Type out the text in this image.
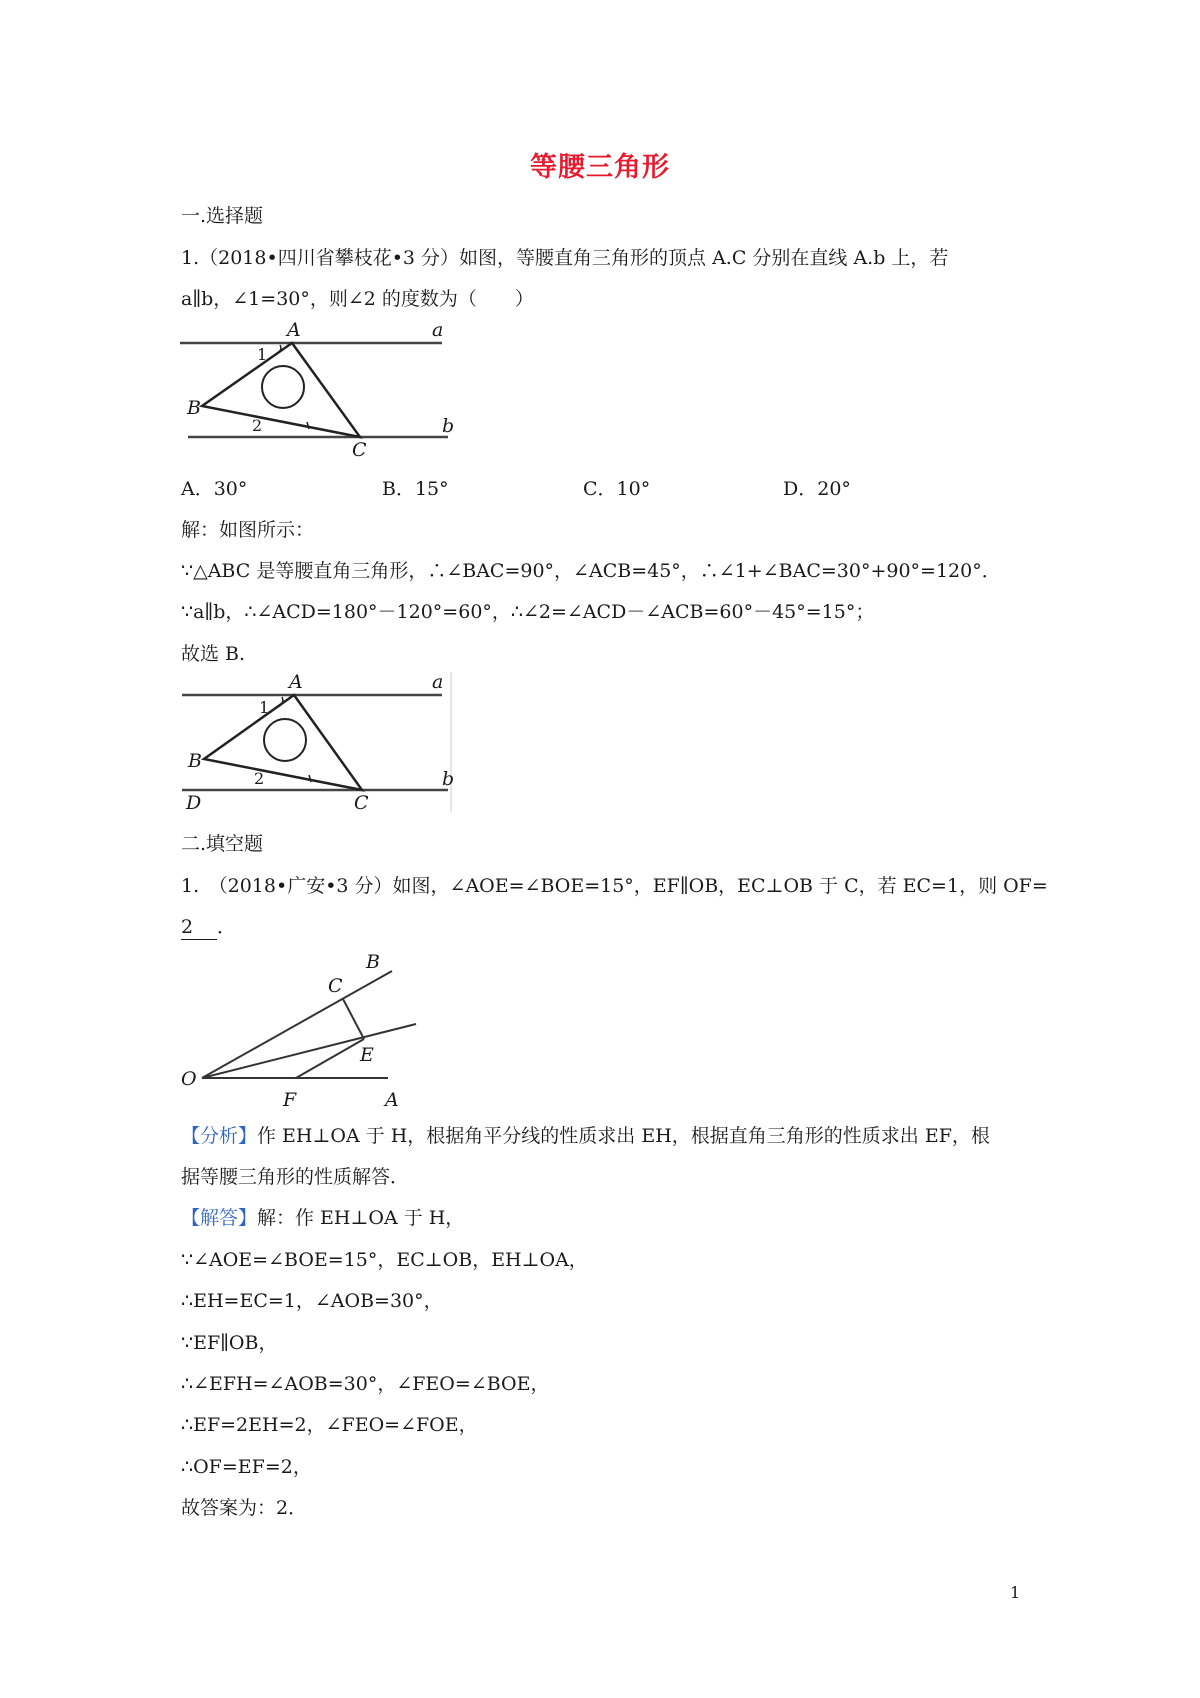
等腰三角形
一.选择题
1.（2018•四川省攀枝花•3 分）如图，等腰直角三角形的顶点 A.C 分别在直线 A.b 上，若
a∥b，∠1=30°，则∠2 的度数为（　　）
A
B
C
a
b
1
2
A．30°	B．15°	C．10°	D．20°
解：如图所示：
∵△ABC 是等腰直角三角形，∴∠BAC=90°，∠ACB=45°，∴∠1+∠BAC=30°+90°=120°．
∵a∥b，∴∠ACD=180°－120°=60°，∴∠2=∠ACD－∠ACB=60°－45°=15°；
故选 B.
A
B
C
D
a
b
1
2
二.填空题
1.　（2018•广安•3 分）如图，∠AOE=∠BOE=15°，EF∥OB，EC⊥OB 于 C，若 EC=1，则 OF=
2 ．
O
A
B
C
E
F
【分析】作 EH⊥OA 于 H，根据角平分线的性质求出 EH，根据直角三角形的性质求出 EF，根
据等腰三角形的性质解答．
【解答】解：作 EH⊥OA 于 H，
∵∠AOE=∠BOE=15°，EC⊥OB，EH⊥OA，
∴EH=EC=1，∠AOB=30°，
∵EF∥OB，
∴∠EFH=∠AOB=30°，∠FEO=∠BOE，
∴EF=2EH=2，∠FEO=∠FOE，
∴OF=EF=2，
故答案为：2．
1
